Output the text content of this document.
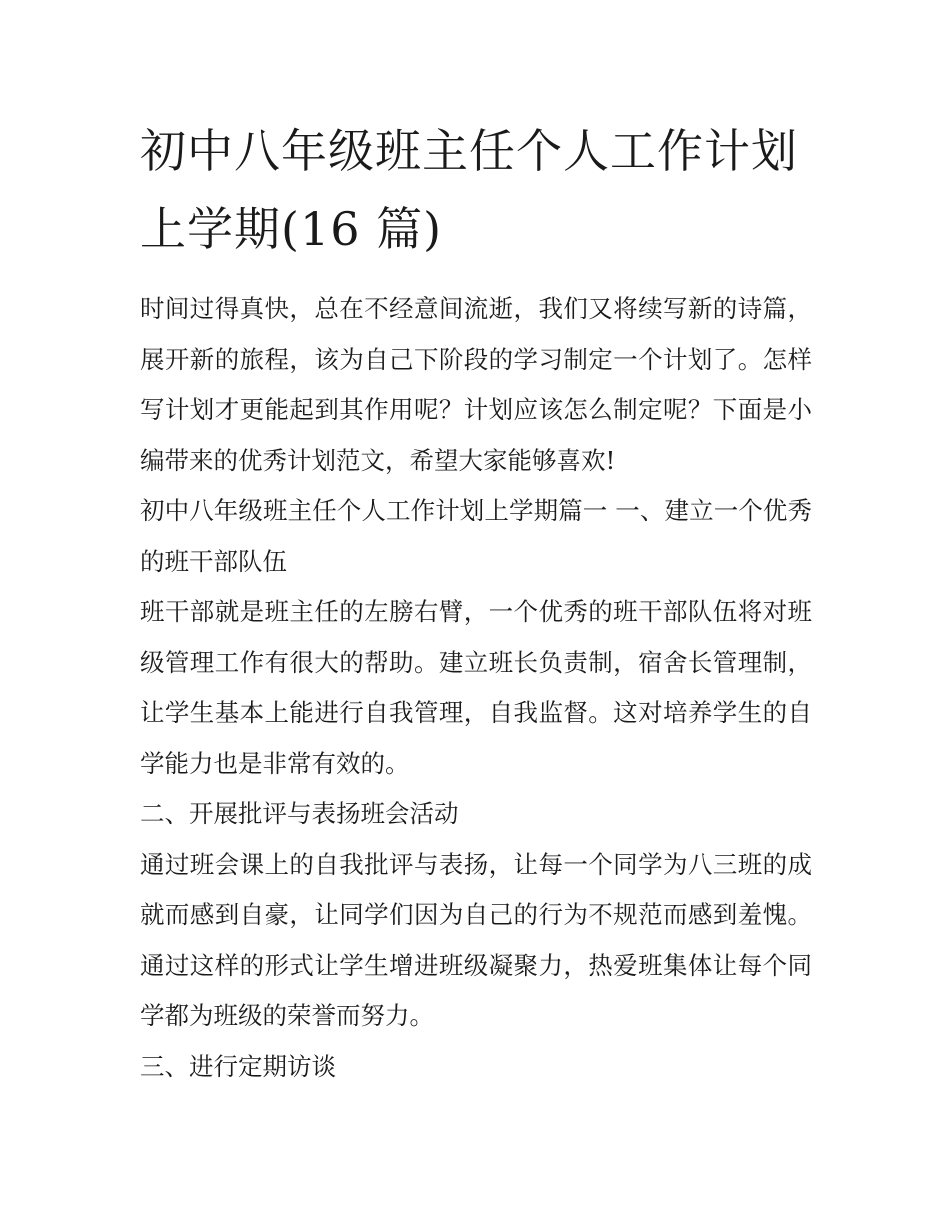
初中八年级班主任个人工作计划上学期(16 篇)

时间过得真快，总在不经意间流逝，我们又将续写新的诗篇，展开新的旅程，该为自己下阶段的学习制定一个计划了。怎样写计划才更能起到其作用呢？计划应该怎么制定呢？下面是小编带来的优秀计划范文，希望大家能够喜欢!

初中八年级班主任个人工作计划上学期篇一 一、建立一个优秀的班干部队伍

班干部就是班主任的左膀右臂，一个优秀的班干部队伍将对班级管理工作有很大的帮助。建立班长负责制，宿舍长管理制，让学生基本上能进行自我管理，自我监督。这对培养学生的自学能力也是非常有效的。

二、开展批评与表扬班会活动

通过班会课上的自我批评与表扬，让每一个同学为八三班的成就而感到自豪，让同学们因为自己的行为不规范而感到羞愧。通过这样的形式让学生增进班级凝聚力，热爱班集体让每个同学都为班级的荣誉而努力。

三、进行定期访谈
